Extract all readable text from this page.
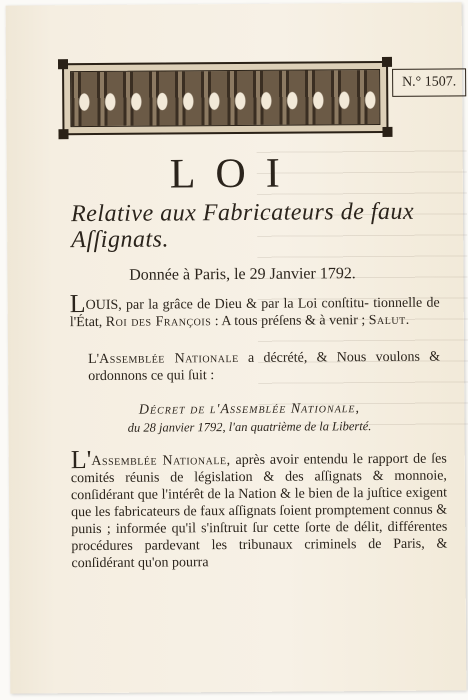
N.° 1507.
LOI
Relative aux Fabricateurs de faux
Aſſignats.
Donnée à Paris, le 29 Janvier 1792.
LOUIS, par la grâce de Dieu & par la Loi conſtitu- tionnelle de l'État, Roi des François : A tous préſens & à venir ; Salut.
L'Assemblée Nationale a décrété, & Nous voulons & ordonnons ce qui ſuit :
Décret de l'Assemblée Nationale,
du 28 janvier 1792, l'an quatrième de la Liberté.
L'Assemblée Nationale, après avoir entendu le rapport de ſes comités réunis de législation & des aſſignats & monnoie, conſidérant que l'intérêt de la Nation & le bien de la juſtice exigent que les fabricateurs de faux aſſignats ſoient promptement connus & punis ; informée qu'il s'inſtruit ſur cette ſorte de délit, différentes procédures pardevant les tribunaux criminels de Paris, & conſidérant qu'on pourra
